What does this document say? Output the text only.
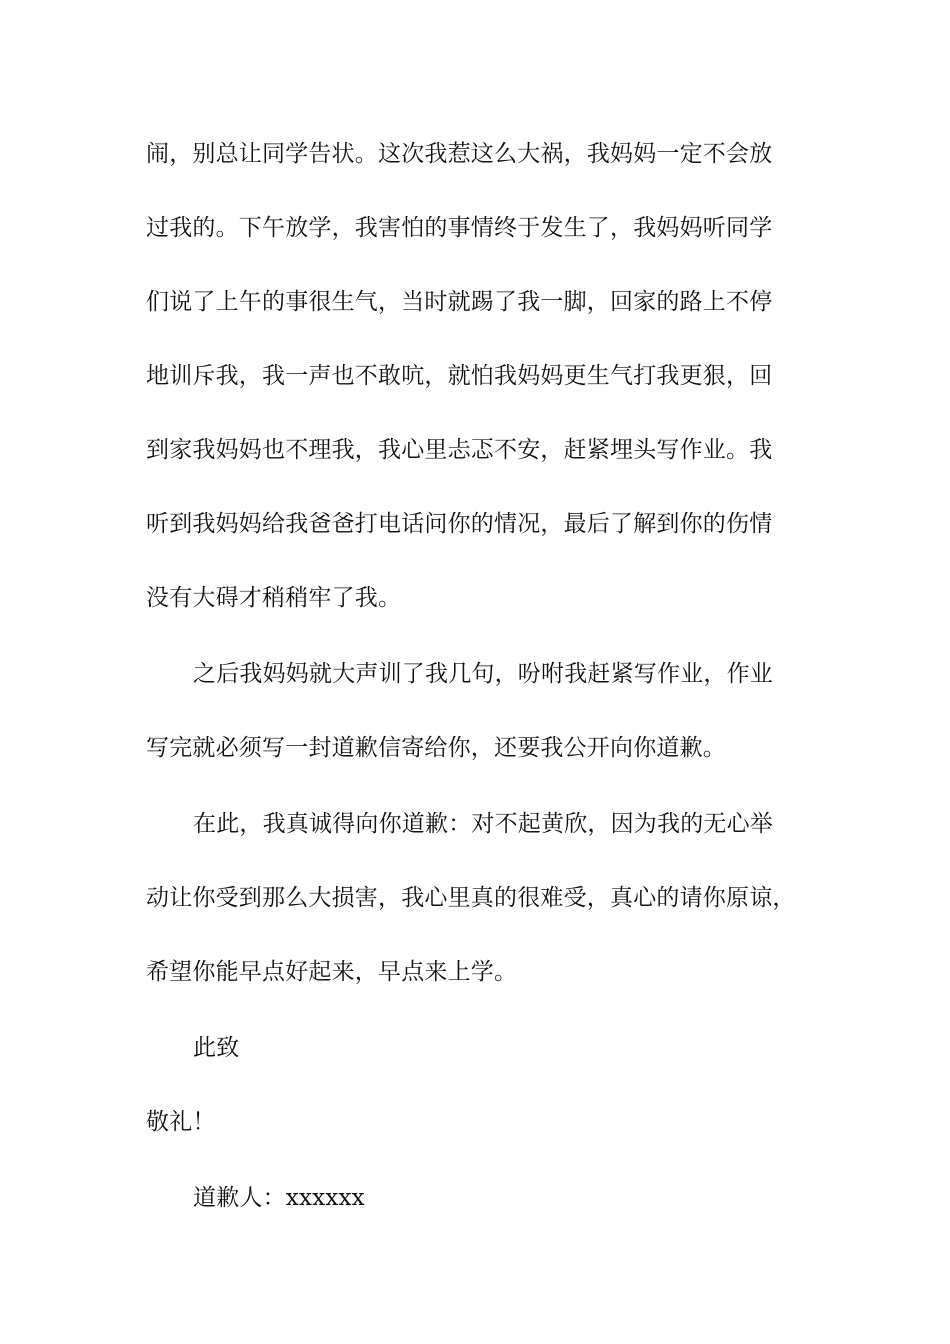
闹，别总让同学告状。这次我惹这么大祸，我妈妈一定不会放
过我的。下午放学，我害怕的事情终于发生了，我妈妈听同学
们说了上午的事很生气，当时就踢了我一脚，回家的路上不停
地训斥我，我一声也不敢吭，就怕我妈妈更生气打我更狠，回
到家我妈妈也不理我，我心里忐忑不安，赶紧埋头写作业。我
听到我妈妈给我爸爸打电话问你的情况，最后了解到你的伤情
没有大碍才稍稍牢了我。
之后我妈妈就大声训了我几句，吩咐我赶紧写作业，作业
写完就必须写一封道歉信寄给你，还要我公开向你道歉。
在此，我真诚得向你道歉：对不起黄欣，因为我的无心举
动让你受到那么大损害，我心里真的很难受，真心的请你原谅，
希望你能早点好起来，早点来上学。
此致
敬礼！
道歉人：xxxxxx
